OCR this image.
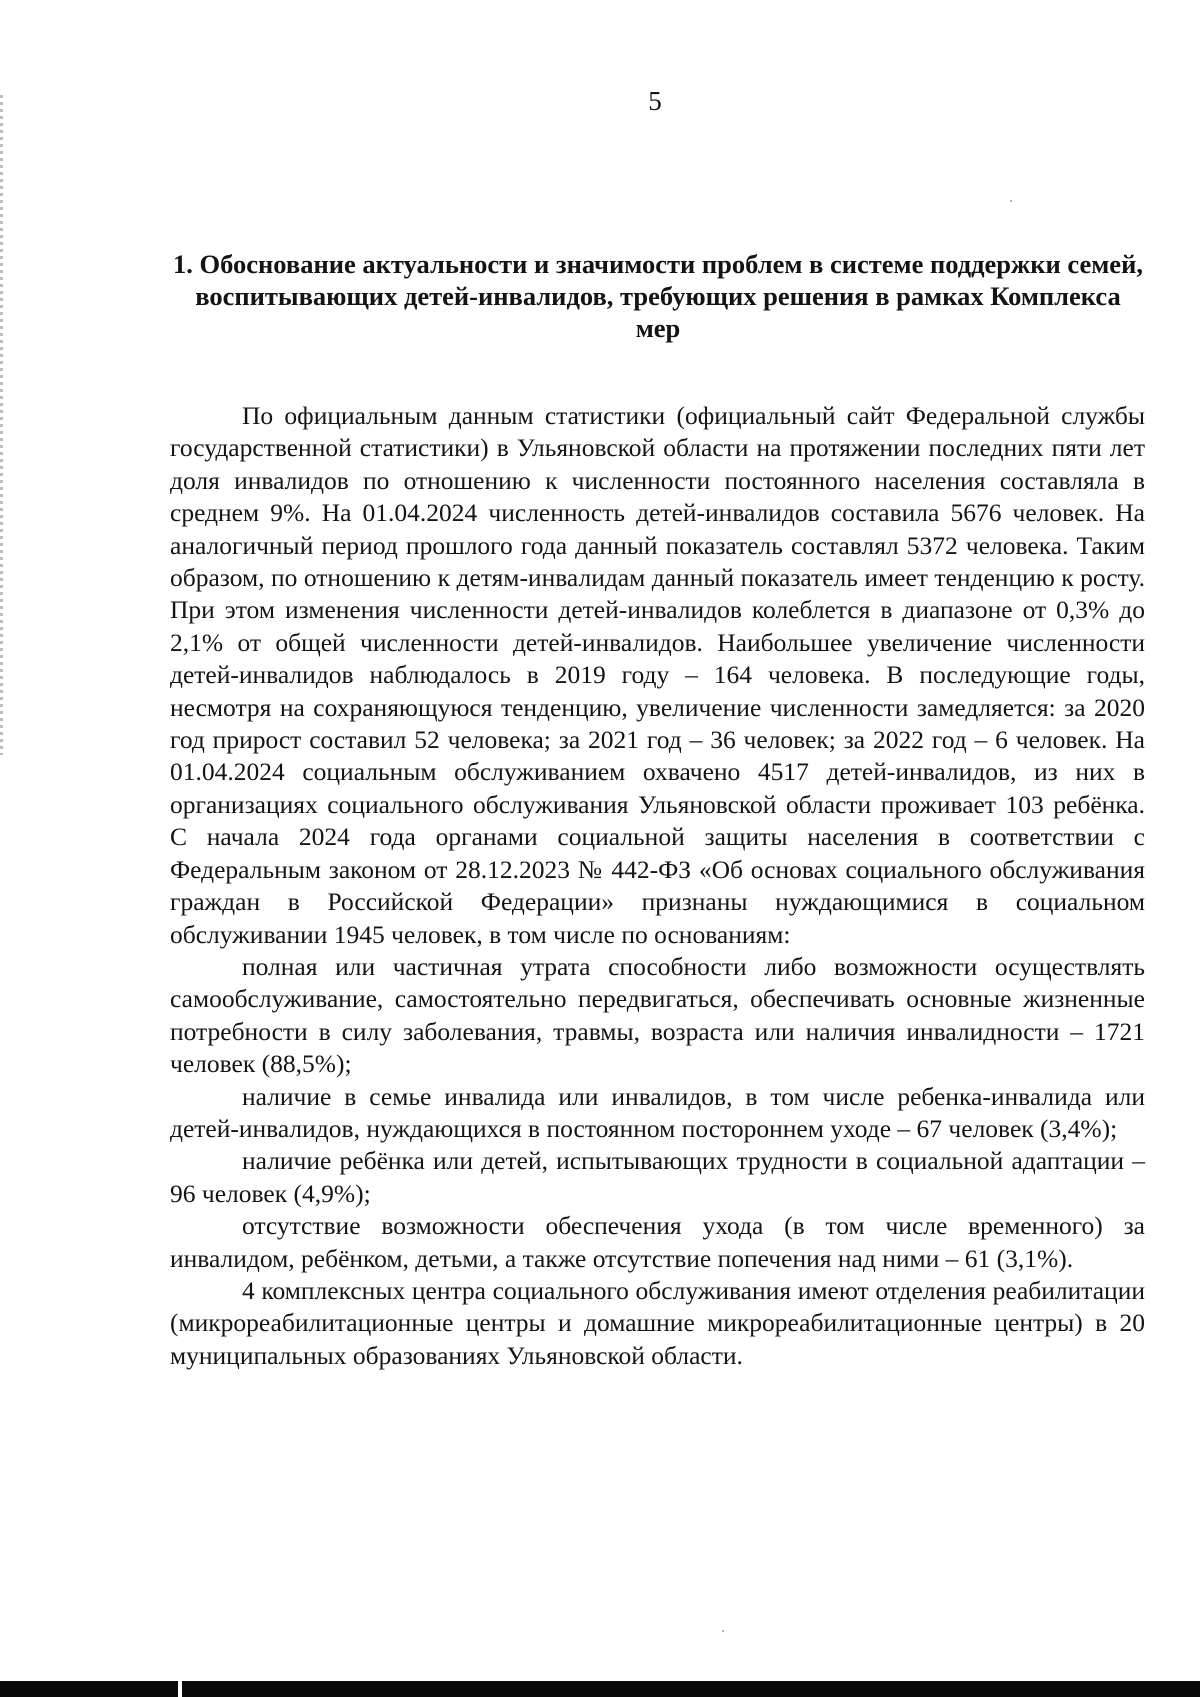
5
1. Обоснование актуальности и значимости проблем в системе поддержки семей, воспитывающих детей-инвалидов, требующих решения в рамках Комплекса мер

По официальным данным статистики (официальный сайт Федеральной службы государственной статистики) в Ульяновской области на протяжении последних пяти лет доля инвалидов по отношению к численности постоянного населения составляла в среднем 9%. На 01.04.2024 численность детей-инвалидов составила 5676 человек. На аналогичный период прошлого года данный показатель составлял 5372 человека. Таким образом, по отношению к детям-инвалидам данный показатель имеет тенденцию к росту. При этом изменения численности детей-инвалидов колеблется в диапазоне от 0,3% до 2,1% от общей численности детей-инвалидов. Наибольшее увеличение численности детей-инвалидов наблюдалось в 2019 году – 164 человека. В последующие годы, несмотря на сохраняющуюся тенденцию, увеличение численности замедляется: за 2020 год прирост составил 52 человека; за 2021 год – 36 человек; за 2022 год – 6 человек. На 01.04.2024 социальным обслуживанием охвачено 4517 детей-инвалидов, из них в организациях социального обслуживания Ульяновской области проживает 103 ребёнка. С начала 2024 года органами социальной защиты населения в соответствии с Федеральным законом от 28.12.2023 № 442-ФЗ «Об основах социального обслуживания граждан в Российской Федерации» признаны нуждающимися в социальном обслуживании 1945 человек, в том числе по основаниям:

полная или частичная утрата способности либо возможности осуществлять самообслуживание, самостоятельно передвигаться, обеспечивать основные жизненные потребности в силу заболевания, травмы, возраста или наличия инвалидности – 1721 человек (88,5%);

наличие в семье инвалида или инвалидов, в том числе ребенка-инвалида или детей-инвалидов, нуждающихся в постоянном постороннем уходе – 67 человек (3,4%);

наличие ребёнка или детей, испытывающих трудности в социальной адаптации – 96 человек (4,9%);

отсутствие возможности обеспечения ухода (в том числе временного) за инвалидом, ребёнком, детьми, а также отсутствие попечения над ними – 61 (3,1%).

4 комплексных центра социального обслуживания имеют отделения реабилитации (микрореабилитационные центры и домашние микрореабилитационные центры) в 20 муниципальных образованиях Ульяновской области.
